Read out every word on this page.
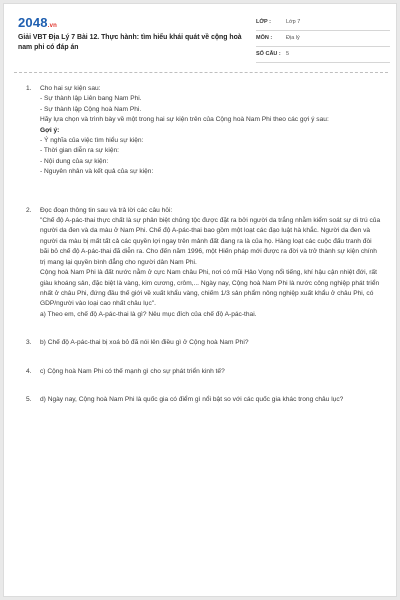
2048.vn
Giải VBT Địa Lý 7 Bài 12. Thực hành: tìm hiểu khái quát về cộng hoà nam phi có đáp án
LỚP :	Lớp 7
MÔN :	Địa lý
SỐ CÂU : 5
1. Cho hai sự kiện sau:
- Sự thành lập Liên bang Nam Phi.
- Sự thành lập Cộng hoà Nam Phi.
Hãy lựa chọn và trình bày về một trong hai sự kiện trên của Cộng hoà Nam Phi theo các gợi ý sau:
Gợi ý:
- Ý nghĩa của việc tìm hiểu sự kiện:
- Thời gian diễn ra sự kiện:
- Nội dung của sự kiện:
- Nguyên nhân và kết quả của sự kiện:
2. Đọc đoạn thông tin sau và trả lời các câu hỏi:
"Chế độ A-pác-thai thực chất là sự phân biệt chủng tộc được đặt ra bởi người da trắng nhằm kiểm soát sự di trú của người da đen và da màu ở Nam Phi. Chế độ A-pác-thai bao gồm một loạt các đạo luật hà khắc. Người da đen và người da màu bị mất tất cả các quyền lợi ngay trên mảnh đất đang ra là của họ. Hàng loạt các cuộc đấu tranh đòi bãi bỏ chế độ A-pác-thai đã diễn ra. Cho đến năm 1996, một Hiến pháp mới được ra đời và trở thành sự kiện chính trị mang lại quyền bình đẳng cho người dân Nam Phi.
Cộng hoà Nam Phi là đất nước nằm ở cực Nam châu Phi, nơi có mũi Hảo Vọng nổi tiếng, khí hậu cận nhiệt đới, rất giàu khoáng sản, đặc biệt là vàng, kim cương, crôm,... Ngày nay, Cộng hoà Nam Phi là nước công nghiệp phát triển nhất ở châu Phi, đứng đầu thế giới về xuất khẩu vàng, chiếm 1/3 sản phẩm nông nghiệp xuất khẩu ở châu Phi, có GDP/người vào loại cao nhất châu lục".
a) Theo em, chế độ A-pác-thai là gì? Nêu mục đích của chế độ A-pác-thai.
3. b) Chế độ A-pác-thai bị xoá bỏ đã nói lên điều gì ở Cộng hoà Nam Phi?
4. c) Cộng hoà Nam Phi có thế mạnh gì cho sự phát triển kinh tế?
5. d) Ngày nay, Cộng hoà Nam Phi là quốc gia có điểm gì nổi bật so với các quốc gia khác trong châu lục?
